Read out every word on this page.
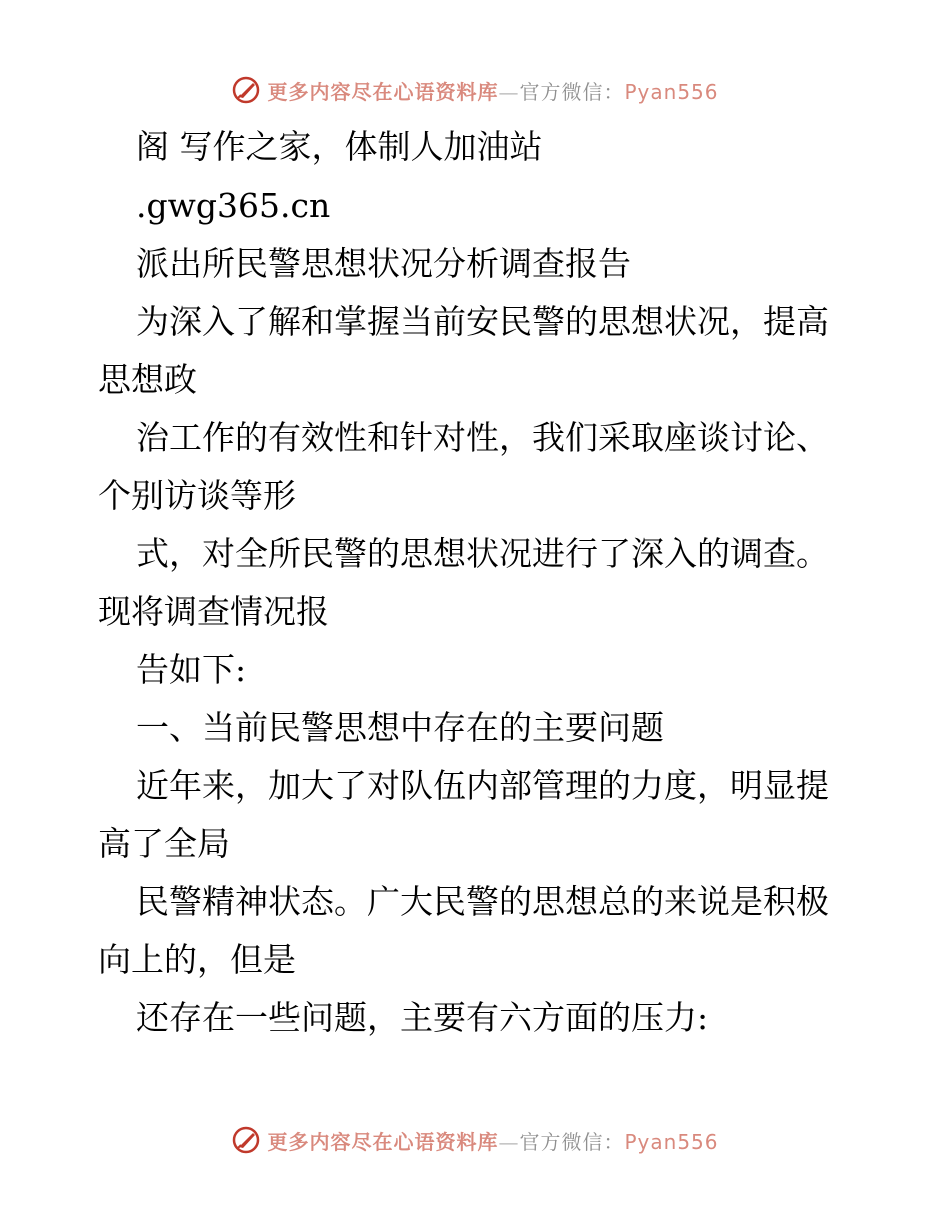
更多内容尽在心语资料库—官方微信：Pyan556
阁 写作之家，体制人加油站
.gwg365.cn
派出所民警思想状况分析调查报告
为深入了解和掌握当前安民警的思想状况，提高
思想政
治工作的有效性和针对性，我们采取座谈讨论、
个别访谈等形
式，对全所民警的思想状况进行了深入的调查。
现将调查情况报
告如下:
一、当前民警思想中存在的主要问题
近年来，加大了对队伍内部管理的力度，明显提
高了全局
民警精神状态。广大民警的思想总的来说是积极
向上的，但是
还存在一些问题，主要有六方面的压力:
更多内容尽在心语资料库—官方微信：Pyan556
